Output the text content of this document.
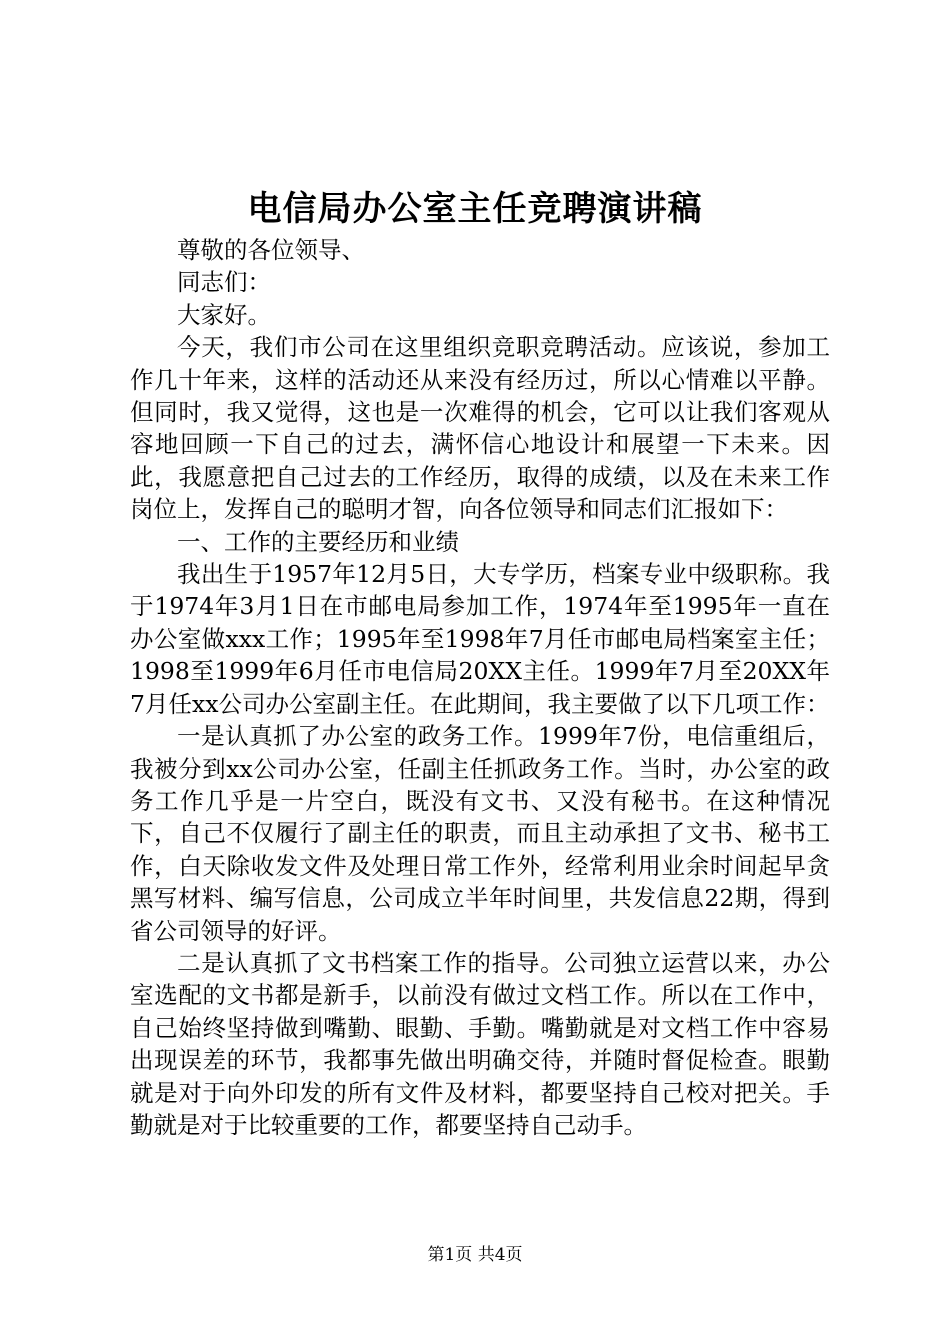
电信局办公室主任竞聘演讲稿

尊敬的各位领导、

同志们：

大家好。

今天，我们市公司在这里组织竞职竞聘活动。应该说，参加工作几十年来，这样的活动还从来没有经历过，所以心情难以平静。但同时，我又觉得，这也是一次难得的机会，它可以让我们客观从容地回顾一下自己的过去，满怀信心地设计和展望一下未来。因此，我愿意把自己过去的工作经历，取得的成绩，以及在未来工作岗位上，发挥自己的聪明才智，向各位领导和同志们汇报如下：

一、工作的主要经历和业绩

我出生于1957年12月5日，大专学历，档案专业中级职称。我于1974年3月1日在市邮电局参加工作，1974年至1995年一直在办公室做xxx工作；1995年至1998年7月任市邮电局档案室主任；1998至1999年6月任市电信局20XX主任。1999年7月至20XX年7月任xx公司办公室副主任。在此期间，我主要做了以下几项工作：

一是认真抓了办公室的政务工作。1999年7份，电信重组后，我被分到xx公司办公室，任副主任抓政务工作。当时，办公室的政务工作几乎是一片空白，既没有文书、又没有秘书。在这种情况下，自己不仅履行了副主任的职责，而且主动承担了文书、秘书工作，白天除收发文件及处理日常工作外，经常利用业余时间起早贪黑写材料、编写信息，公司成立半年时间里，共发信息22期，得到省公司领导的好评。

二是认真抓了文书档案工作的指导。公司独立运营以来，办公室选配的文书都是新手，以前没有做过文档工作。所以在工作中，自己始终坚持做到嘴勤、眼勤、手勤。嘴勤就是对文档工作中容易出现误差的环节，我都事先做出明确交待，并随时督促检查。眼勤就是对于向外印发的所有文件及材料，都要坚持自己校对把关。手勤就是对于比较重要的工作，都要坚持自己动手。

第1页 共4页
